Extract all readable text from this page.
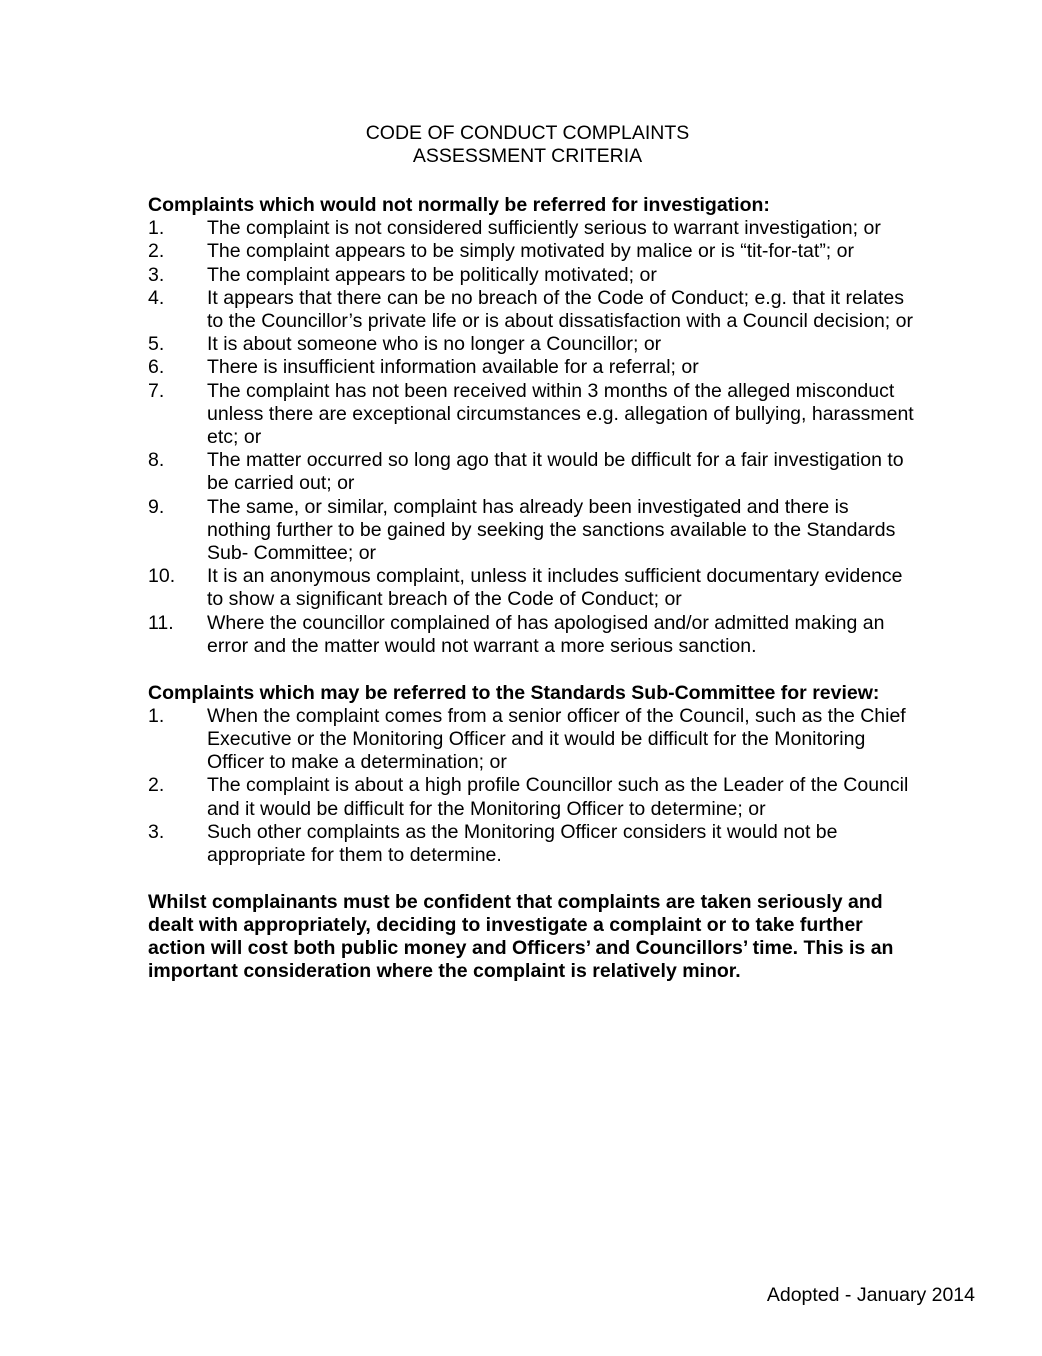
CODE OF CONDUCT COMPLAINTS
ASSESSMENT CRITERIA

Complaints which would not normally be referred for investigation:

1.	The complaint is not considered sufficiently serious to warrant investigation; or
2.	The complaint appears to be simply motivated by malice or is “tit-for-tat”; or
3.	The complaint appears to be politically motivated; or
4.	It appears that there can be no breach of the Code of Conduct; e.g. that it relates to the Councillor’s private life or is about dissatisfaction with a Council decision; or
5.	It is about someone who is no longer a Councillor; or
6.	There is insufficient information available for a referral; or
7.	The complaint has not been received within 3 months of the alleged misconduct unless there are exceptional circumstances e.g. allegation of bullying, harassment etc; or
8.	The matter occurred so long ago that it would be difficult for a fair investigation to be carried out; or
9.	The same, or similar, complaint has already been investigated and there is nothing further to be gained by seeking the sanctions available to the Standards Sub- Committee; or
10.	It is an anonymous complaint, unless it includes sufficient documentary evidence to show a significant breach of the Code of Conduct; or
11.	Where the councillor complained of has apologised and/or admitted making an error and the matter would not warrant a more serious sanction.

Complaints which may be referred to the Standards Sub-Committee for review:

1.	When the complaint comes from a senior officer of the Council, such as the Chief Executive or the Monitoring Officer and it would be difficult for the Monitoring Officer to make a determination; or
2.	The complaint is about a high profile Councillor such as the Leader of the Council and it would be difficult for the Monitoring Officer to determine; or
3.	Such other complaints as the Monitoring Officer considers it would not be appropriate for them to determine.

Whilst complainants must be confident that complaints are taken seriously and dealt with appropriately, deciding to investigate a complaint or to take further action will cost both public money and Officers’ and Councillors’ time. This is an important consideration where the complaint is relatively minor.

Adopted - January 2014
